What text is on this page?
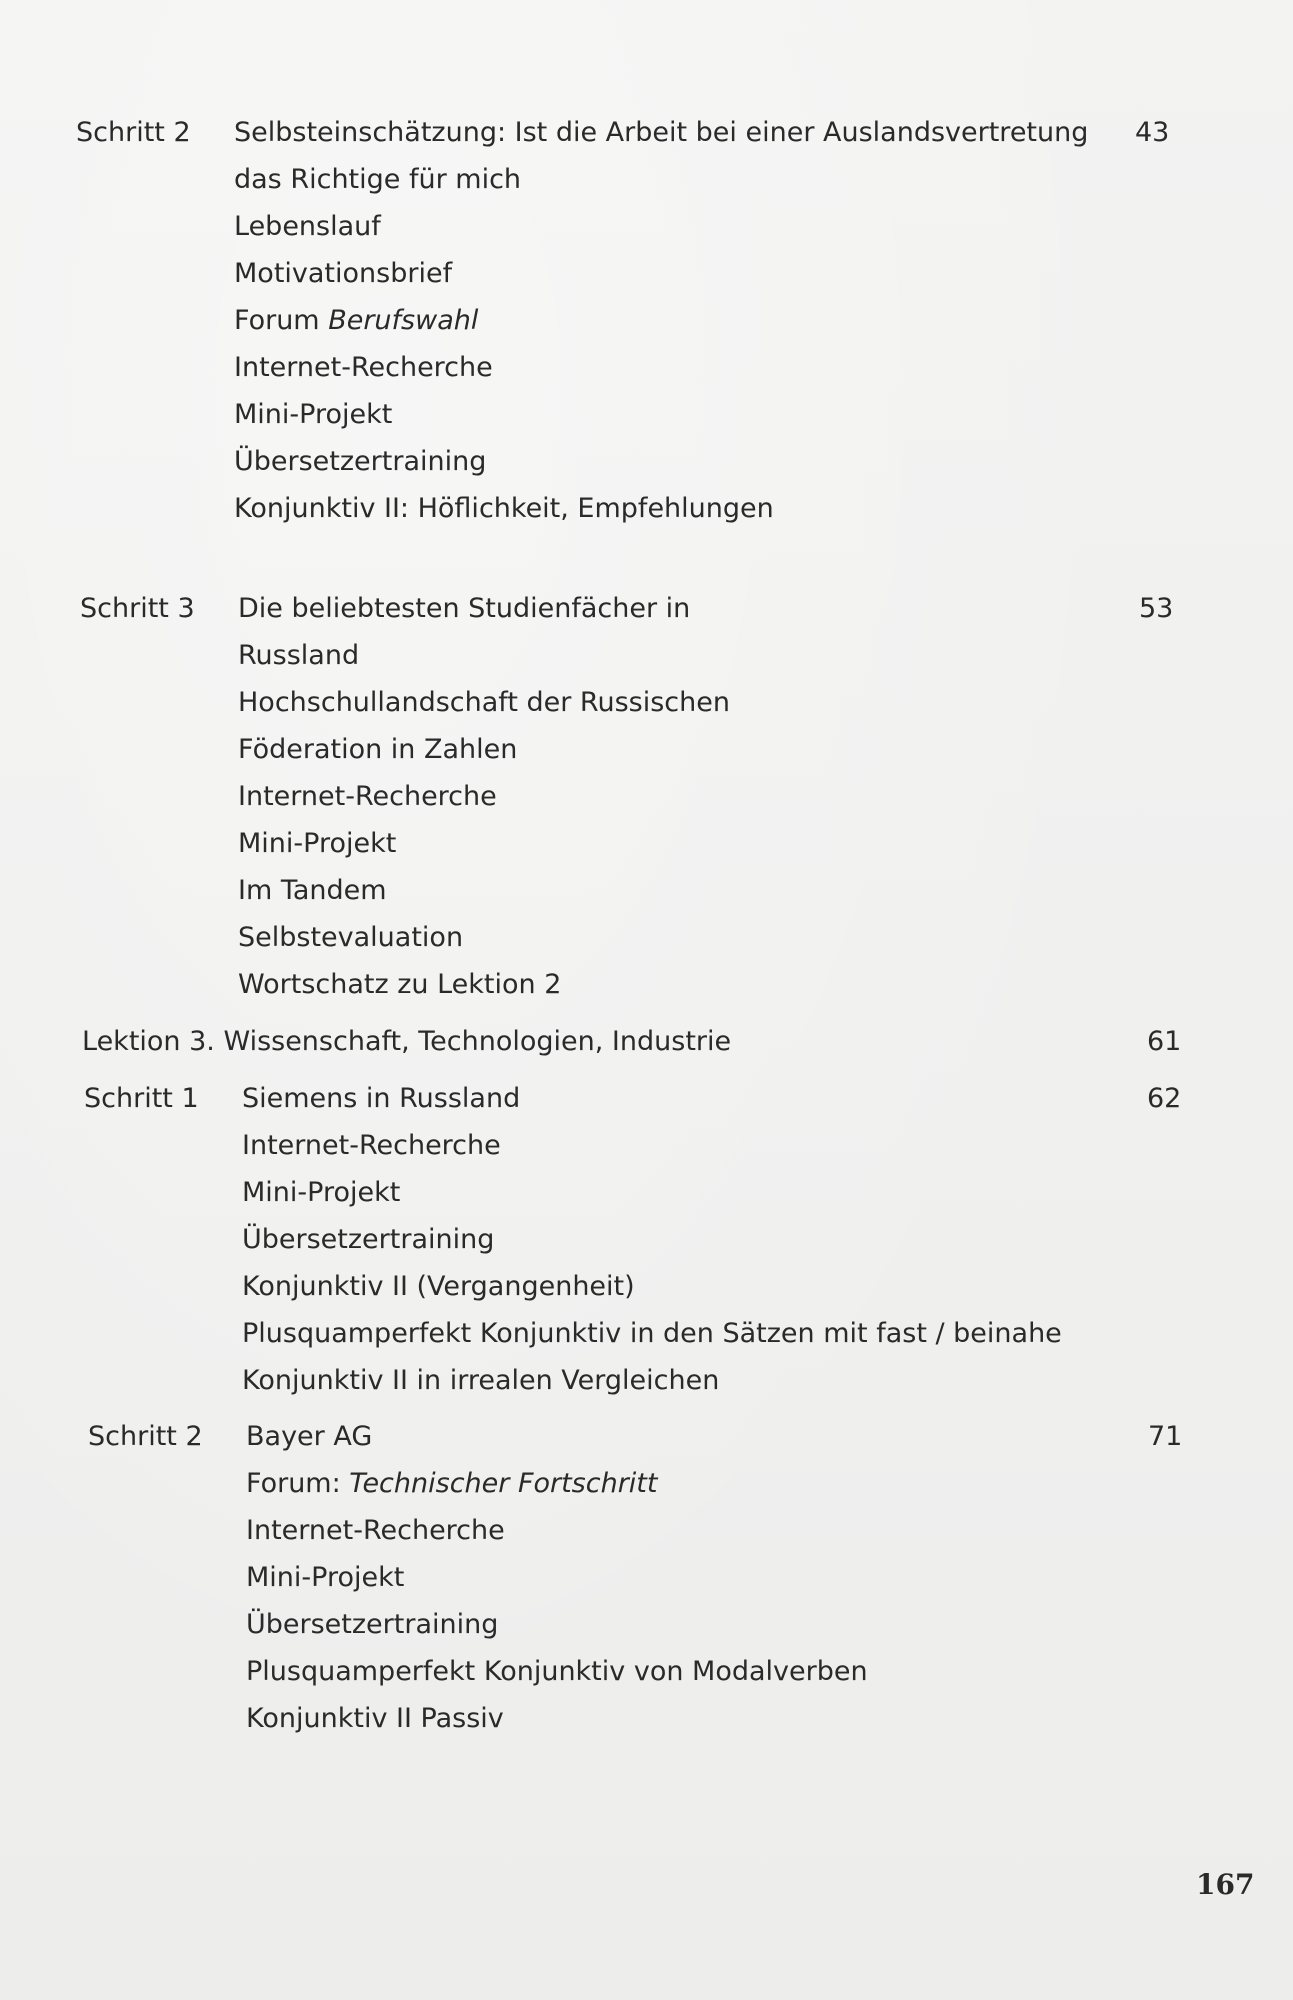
Schritt 2 Selbsteinschätzung: Ist die Arbeit bei einer Auslandsvertretung 43
das Richtige für mich
Lebenslauf
Motivationsbrief
Forum Berufswahl
Internet-Recherche
Mini-Projekt
Übersetzertraining
Konjunktiv II: Höflichkeit, Empfehlungen
Schritt 3 Die beliebtesten Studienfächer in	53
Russland
Hochschullandschaft der Russischen
Föderation in Zahlen
Internet-Recherche
Mini-Projekt
Im Tandem
Selbstevaluation
Wortschatz zu Lektion 2
Lektion 3. Wissenschaft, Technologien, Industrie	61
Schritt 1 Siemens in Russland	62
Internet-Recherche
Mini-Projekt
Übersetzertraining
Konjunktiv II (Vergangenheit)
Plusquamperfekt Konjunktiv in den Sätzen mit fast / beinahe
Konjunktiv II in irrealen Vergleichen
Schritt 2 Bayer AG	71
Forum: Technischer Fortschritt
Internet-Recherche
Mini-Projekt
Übersetzertraining
Plusquamperfekt Konjunktiv von Modalverben
Konjunktiv II Passiv
167
